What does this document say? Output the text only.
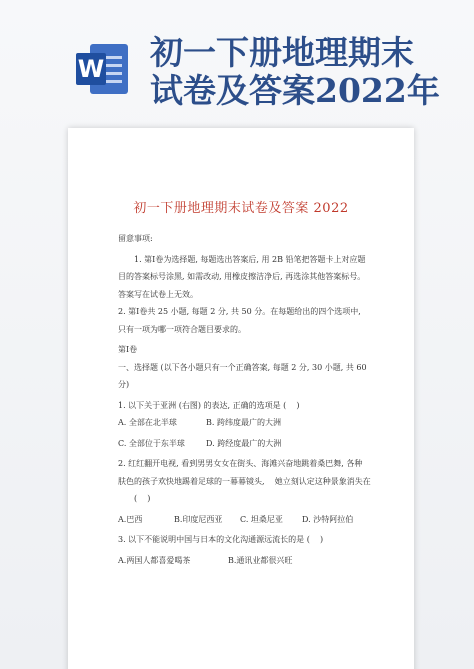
W 初一下册地理期末
试卷及答案2022年
初一下册地理期末试卷及答案 2022

留意事项:

1. 第Ⅰ卷为选择题, 每题选出答案后, 用 2B 铅笔把答题卡上对应题

目的答案标号涂黑, 如需改动, 用橡皮擦洁净后, 再选涂其他答案标号。

答案写在试卷上无效。

2. 第Ⅰ卷共 25 小题, 每题 2 分, 共 50 分。在每题给出的四个选项中,

只有一项为哪一项符合题目要求的。

第Ⅰ卷

一、选择题 (以下各小题只有一个正确答案, 每题 2 分, 30 小题, 共 60

分)

1. 以下关于亚洲 (右图) 的表达, 正确的选项是 (    )

A. 全部在北半球	B. 跨纬度最广的大洲
C. 全部位于东半球	D. 跨经度最广的大洲

2. 红红翻开电视, 看到男男女女在街头、海滩兴奋地跳着桑巴舞, 各种

肤色的孩子欢快地踢着足球的一幕幕镜头,    她立刻认定这种景象消失在

(    )

A.巴西	B.印度尼西亚	C. 坦桑尼亚	D. 沙特阿拉伯

3. 以下不能说明中国与日本的文化沟通源远流长的是 (    )

A.两国人都喜爱喝茶	B.通讯业都很兴旺
